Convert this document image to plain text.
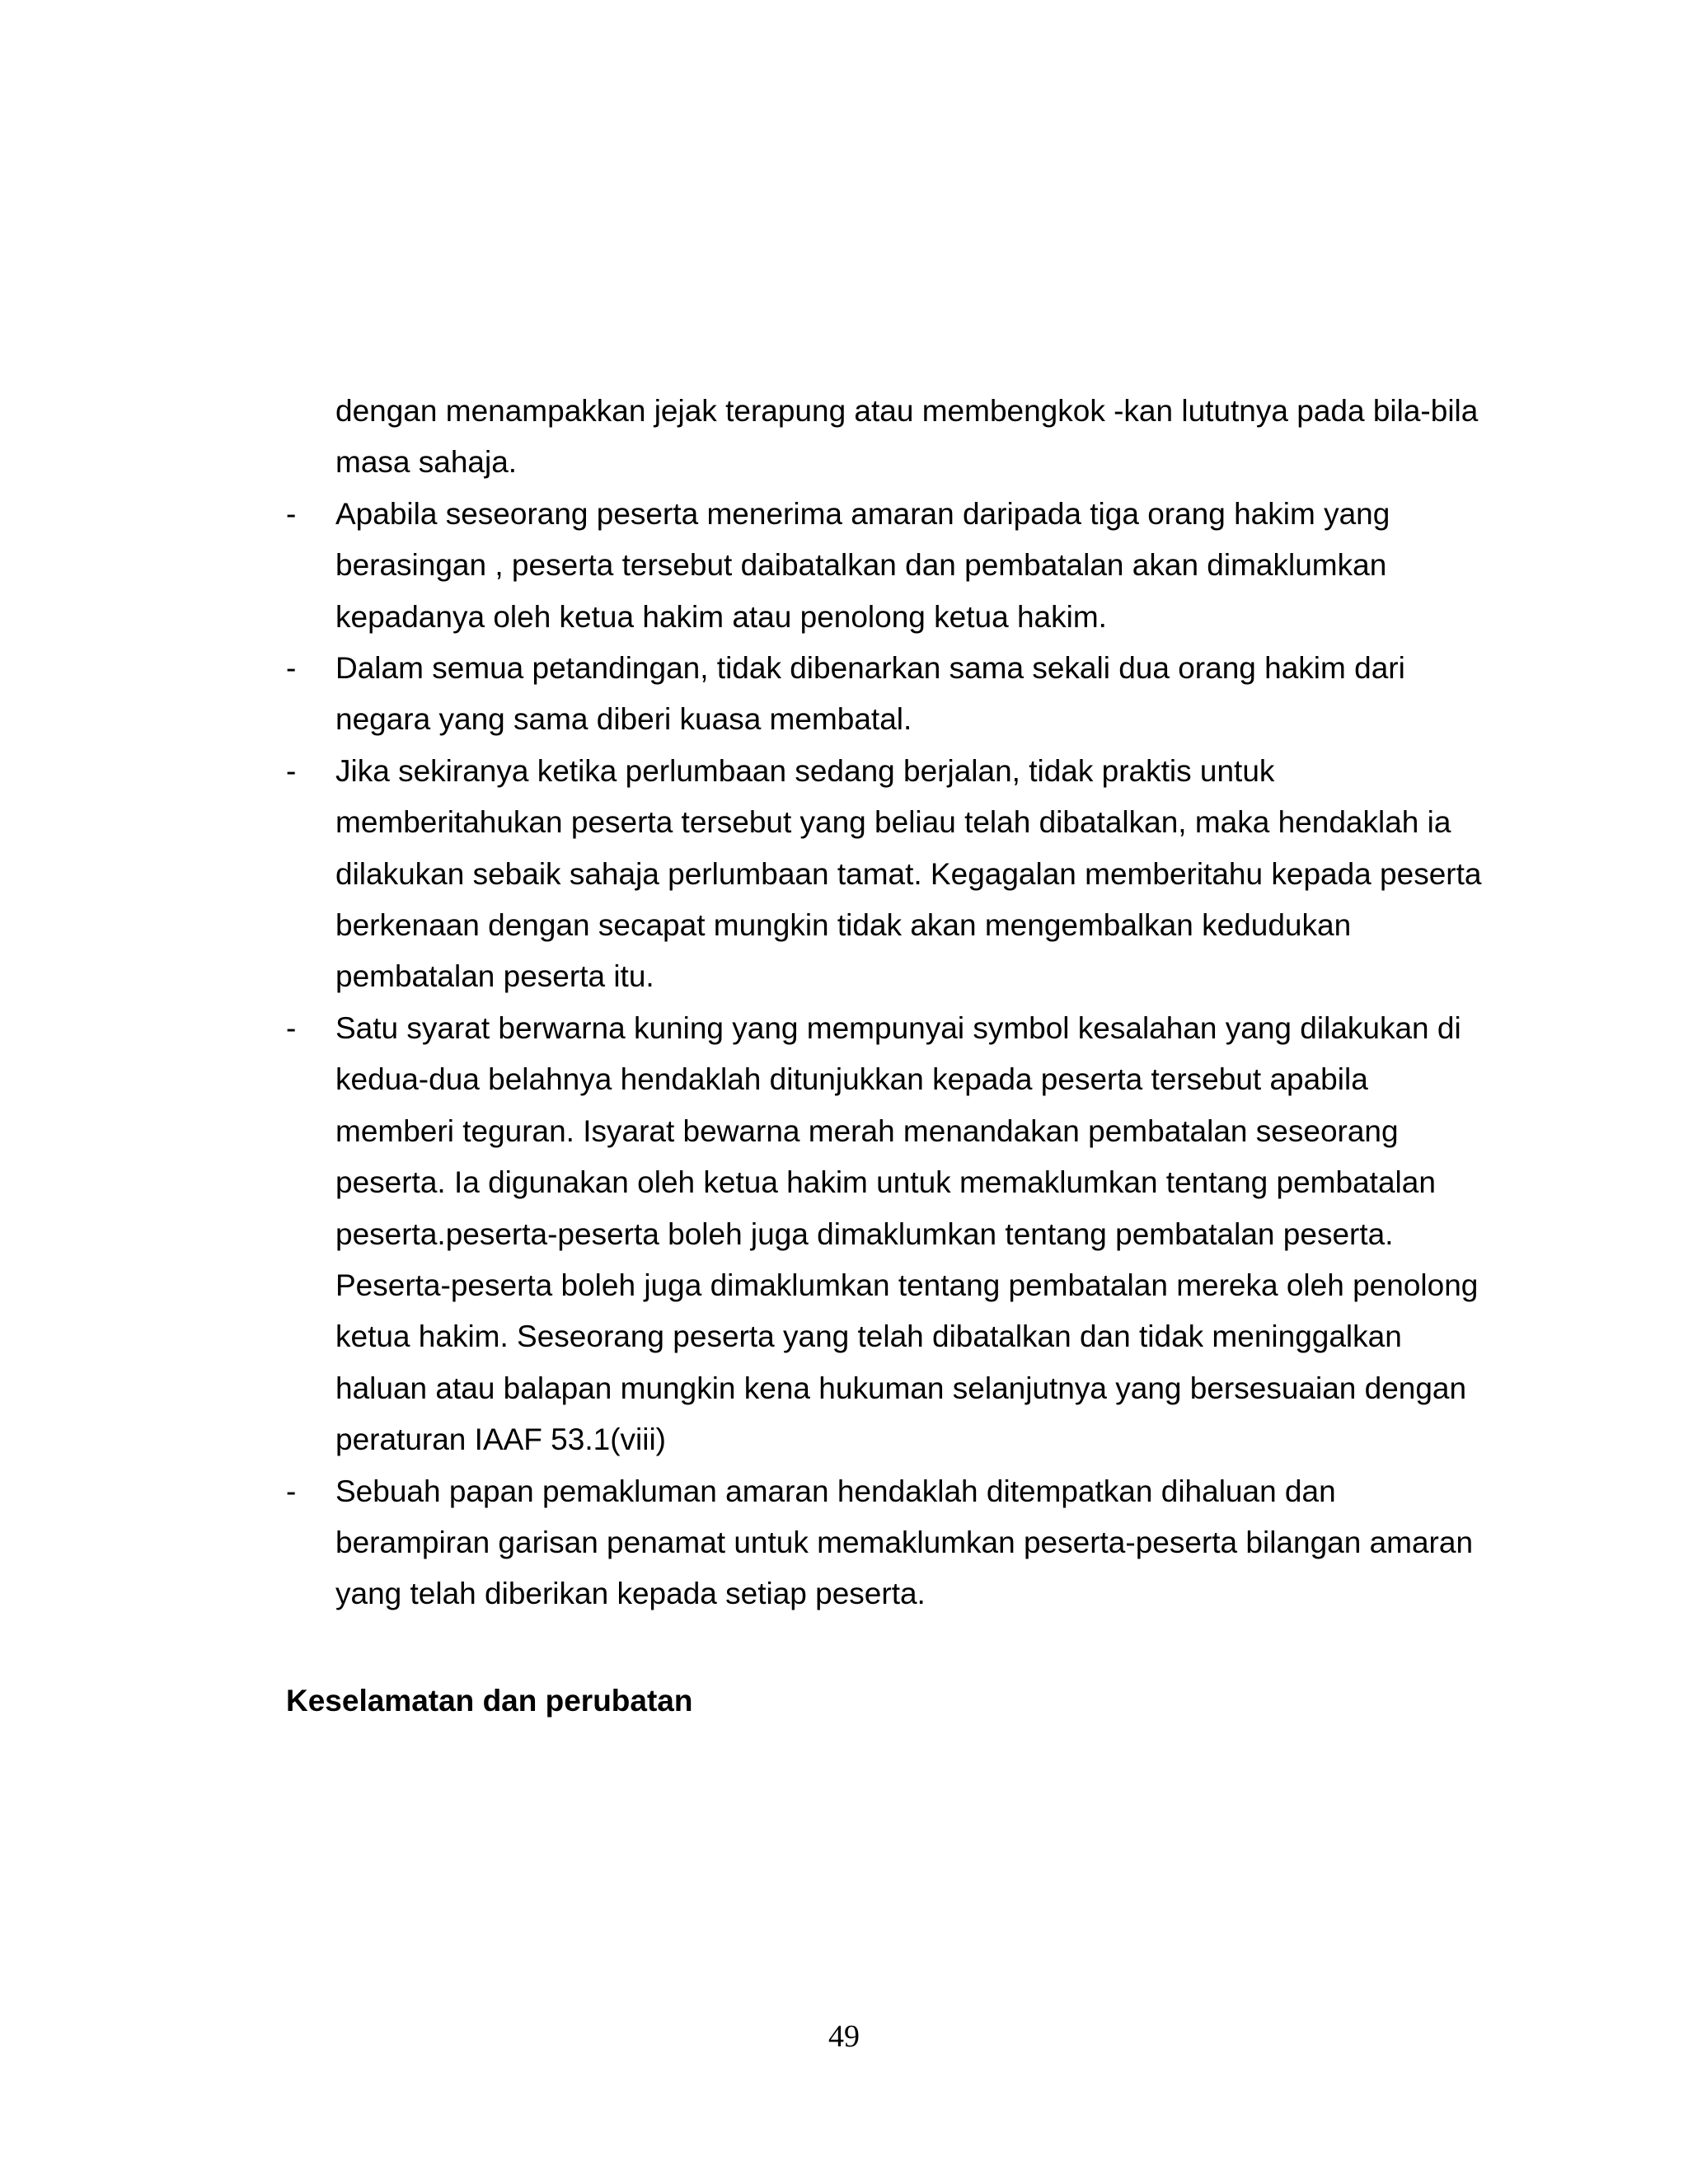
dengan menampakkan jejak terapung atau membengkok -kan lututnya pada bila-bila
masa sahaja.
-	Apabila seseorang peserta menerima amaran daripada tiga orang hakim yang
berasingan , peserta tersebut daibatalkan dan pembatalan akan dimaklumkan
kepadanya oleh ketua hakim atau penolong ketua hakim.
-	Dalam semua petandingan, tidak dibenarkan sama sekali dua orang hakim dari
negara yang sama diberi kuasa membatal.
-	Jika sekiranya ketika perlumbaan sedang berjalan, tidak praktis untuk
memberitahukan peserta tersebut yang beliau telah dibatalkan, maka hendaklah ia
dilakukan sebaik sahaja perlumbaan tamat. Kegagalan memberitahu kepada peserta
berkenaan dengan secapat mungkin tidak akan mengembalkan kedudukan
pembatalan peserta itu.
-	Satu syarat berwarna kuning yang mempunyai symbol kesalahan yang dilakukan di
kedua-dua belahnya hendaklah ditunjukkan kepada peserta tersebut apabila
memberi teguran. Isyarat bewarna merah menandakan pembatalan seseorang
peserta. Ia digunakan oleh ketua hakim untuk memaklumkan tentang pembatalan
peserta.peserta-peserta boleh juga dimaklumkan tentang pembatalan peserta.
Peserta-peserta boleh juga dimaklumkan tentang pembatalan mereka oleh penolong
ketua hakim. Seseorang peserta yang telah dibatalkan dan tidak meninggalkan
haluan atau balapan mungkin kena hukuman selanjutnya yang bersesuaian dengan
peraturan IAAF 53.1(viii)
-	Sebuah papan pemakluman amaran hendaklah ditempatkan dihaluan dan
berampiran garisan penamat untuk memaklumkan peserta-peserta bilangan amaran
yang telah diberikan kepada setiap peserta.
Keselamatan dan perubatan
49
